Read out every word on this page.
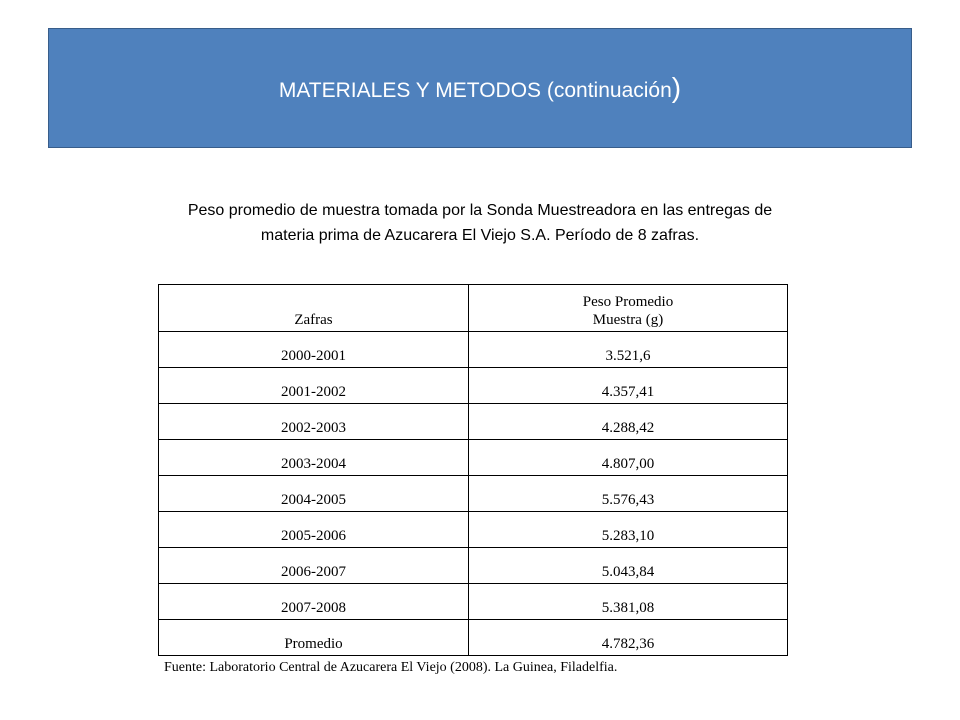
MATERIALES Y METODOS (continuación)
Peso promedio de muestra tomada por la Sonda Muestreadora en las entregas de
materia prima de Azucarera El Viejo S.A. Período de 8 zafras.
Zafras	Peso Promedio
Muestra (g)

2000-2001	3.521,6
2001-2002	4.357,41
2002-2003	4.288,42
2003-2004	4.807,00
2004-2005	5.576,43
2005-2006	5.283,10
2006-2007	5.043,84
2007-2008	5.381,08
Promedio	4.782,36
Fuente: Laboratorio Central de Azucarera El Viejo (2008). La Guinea, Filadelfia.
